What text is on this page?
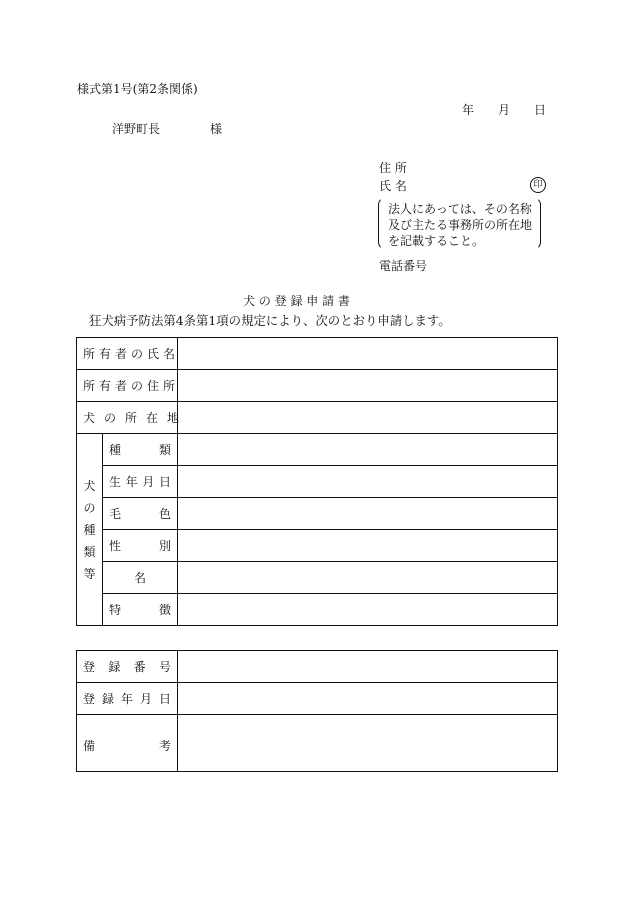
様式第1号(第2条関係)
年 月 日
洋野町長	様
住 所
氏 名	印
法人にあっては、その名称
及び主たる事務所の所在地
を記載すること。
電話番号
犬 の 登 録 申 請 書
狂犬病予防法第4条第1項の規定により、次のとおり申請します。
所有者の氏名		
所有者の住所		
犬の所在地		

犬
の
種
類
等	種 類	

	生 年 月 日	

	毛 色	

	性 別	

	名	

	特 徴	

登 録 番 号	

登 録 年 月 日	

備 考	
